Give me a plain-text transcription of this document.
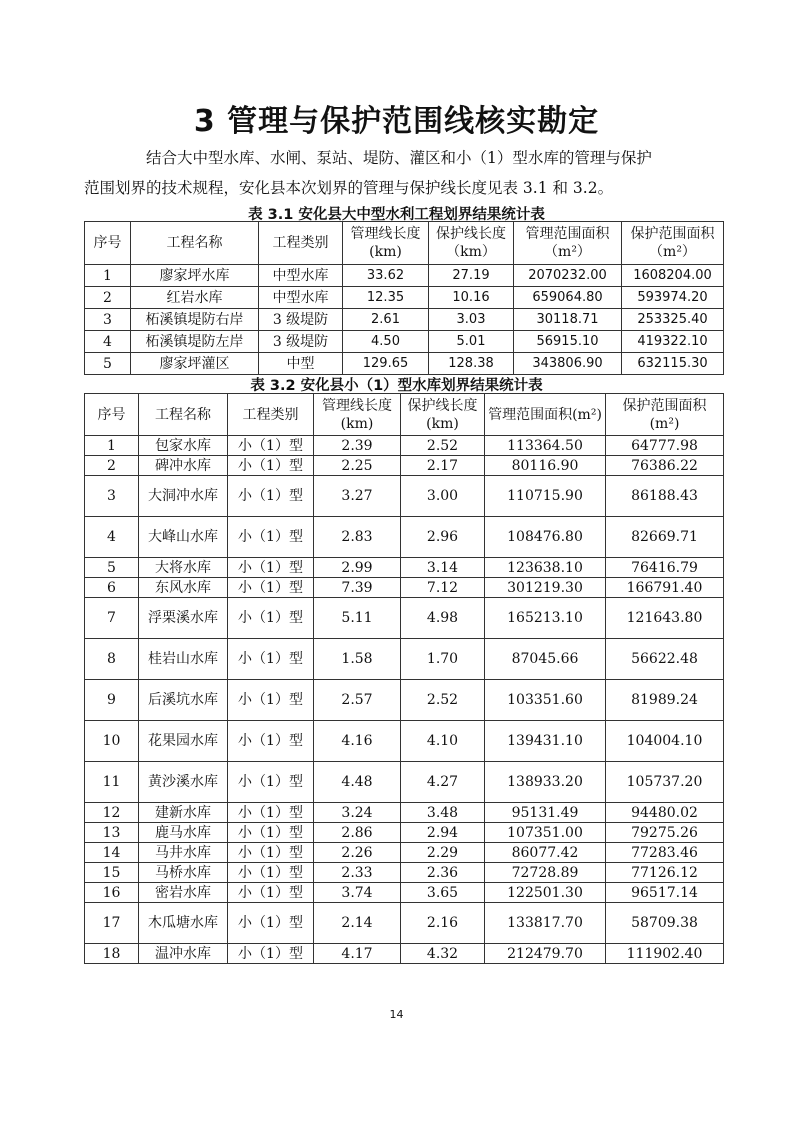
3 管理与保护范围线核实勘定

结合大中型水库、水闸、泵站、堤防、灌区和小（1）型水库的管理与保护

范围划界的技术规程，安化县本次划界的管理与保护线长度见表 3.1 和 3.2。

表 3.1 安化县大中型水利工程划界结果统计表

序号	工程名称	工程类别	管理线长度(km)	保护线长度（km）	管理范围面积（m²）	保护范围面积（m²）
1	廖家坪水库	中型水库	33.62	27.19	2070232.00	1608204.00
2	红岩水库	中型水库	12.35	10.16	659064.80	593974.20
3	柘溪镇堤防右岸	3 级堤防	2.61	3.03	30118.71	253325.40
4	柘溪镇堤防左岸	3 级堤防	4.50	5.01	56915.10	419322.10
5	廖家坪灌区	中型	129.65	128.38	343806.90	632115.30

表 3.2 安化县小（1）型水库划界结果统计表

序号	工程名称	工程类别	管理线长度(km)	保护线长度(km)	管理范围面积(m²)	保护范围面积(m²)
1	包家水库	小（1）型	2.39	2.52	113364.50	64777.98
2	碑冲水库	小（1）型	2.25	2.17	80116.90	76386.22
3	大洞冲水库	小（1）型	3.27	3.00	110715.90	86188.43
4	大峰山水库	小（1）型	2.83	2.96	108476.80	82669.71
5	大将水库	小（1）型	2.99	3.14	123638.10	76416.79
6	东风水库	小（1）型	7.39	7.12	301219.30	166791.40
7	浮栗溪水库	小（1）型	5.11	4.98	165213.10	121643.80
8	桂岩山水库	小（1）型	1.58	1.70	87045.66	56622.48
9	后溪坑水库	小（1）型	2.57	2.52	103351.60	81989.24
10	花果园水库	小（1）型	4.16	4.10	139431.10	104004.10
11	黄沙溪水库	小（1）型	4.48	4.27	138933.20	105737.20
12	建新水库	小（1）型	3.24	3.48	95131.49	94480.02
13	鹿马水库	小（1）型	2.86	2.94	107351.00	79275.26
14	马井水库	小（1）型	2.26	2.29	86077.42	77283.46
15	马桥水库	小（1）型	2.33	2.36	72728.89	77126.12
16	密岩水库	小（1）型	3.74	3.65	122501.30	96517.14
17	木瓜塘水库	小（1）型	2.14	2.16	133817.70	58709.38
18	温冲水库	小（1）型	4.17	4.32	212479.70	111902.40
14
